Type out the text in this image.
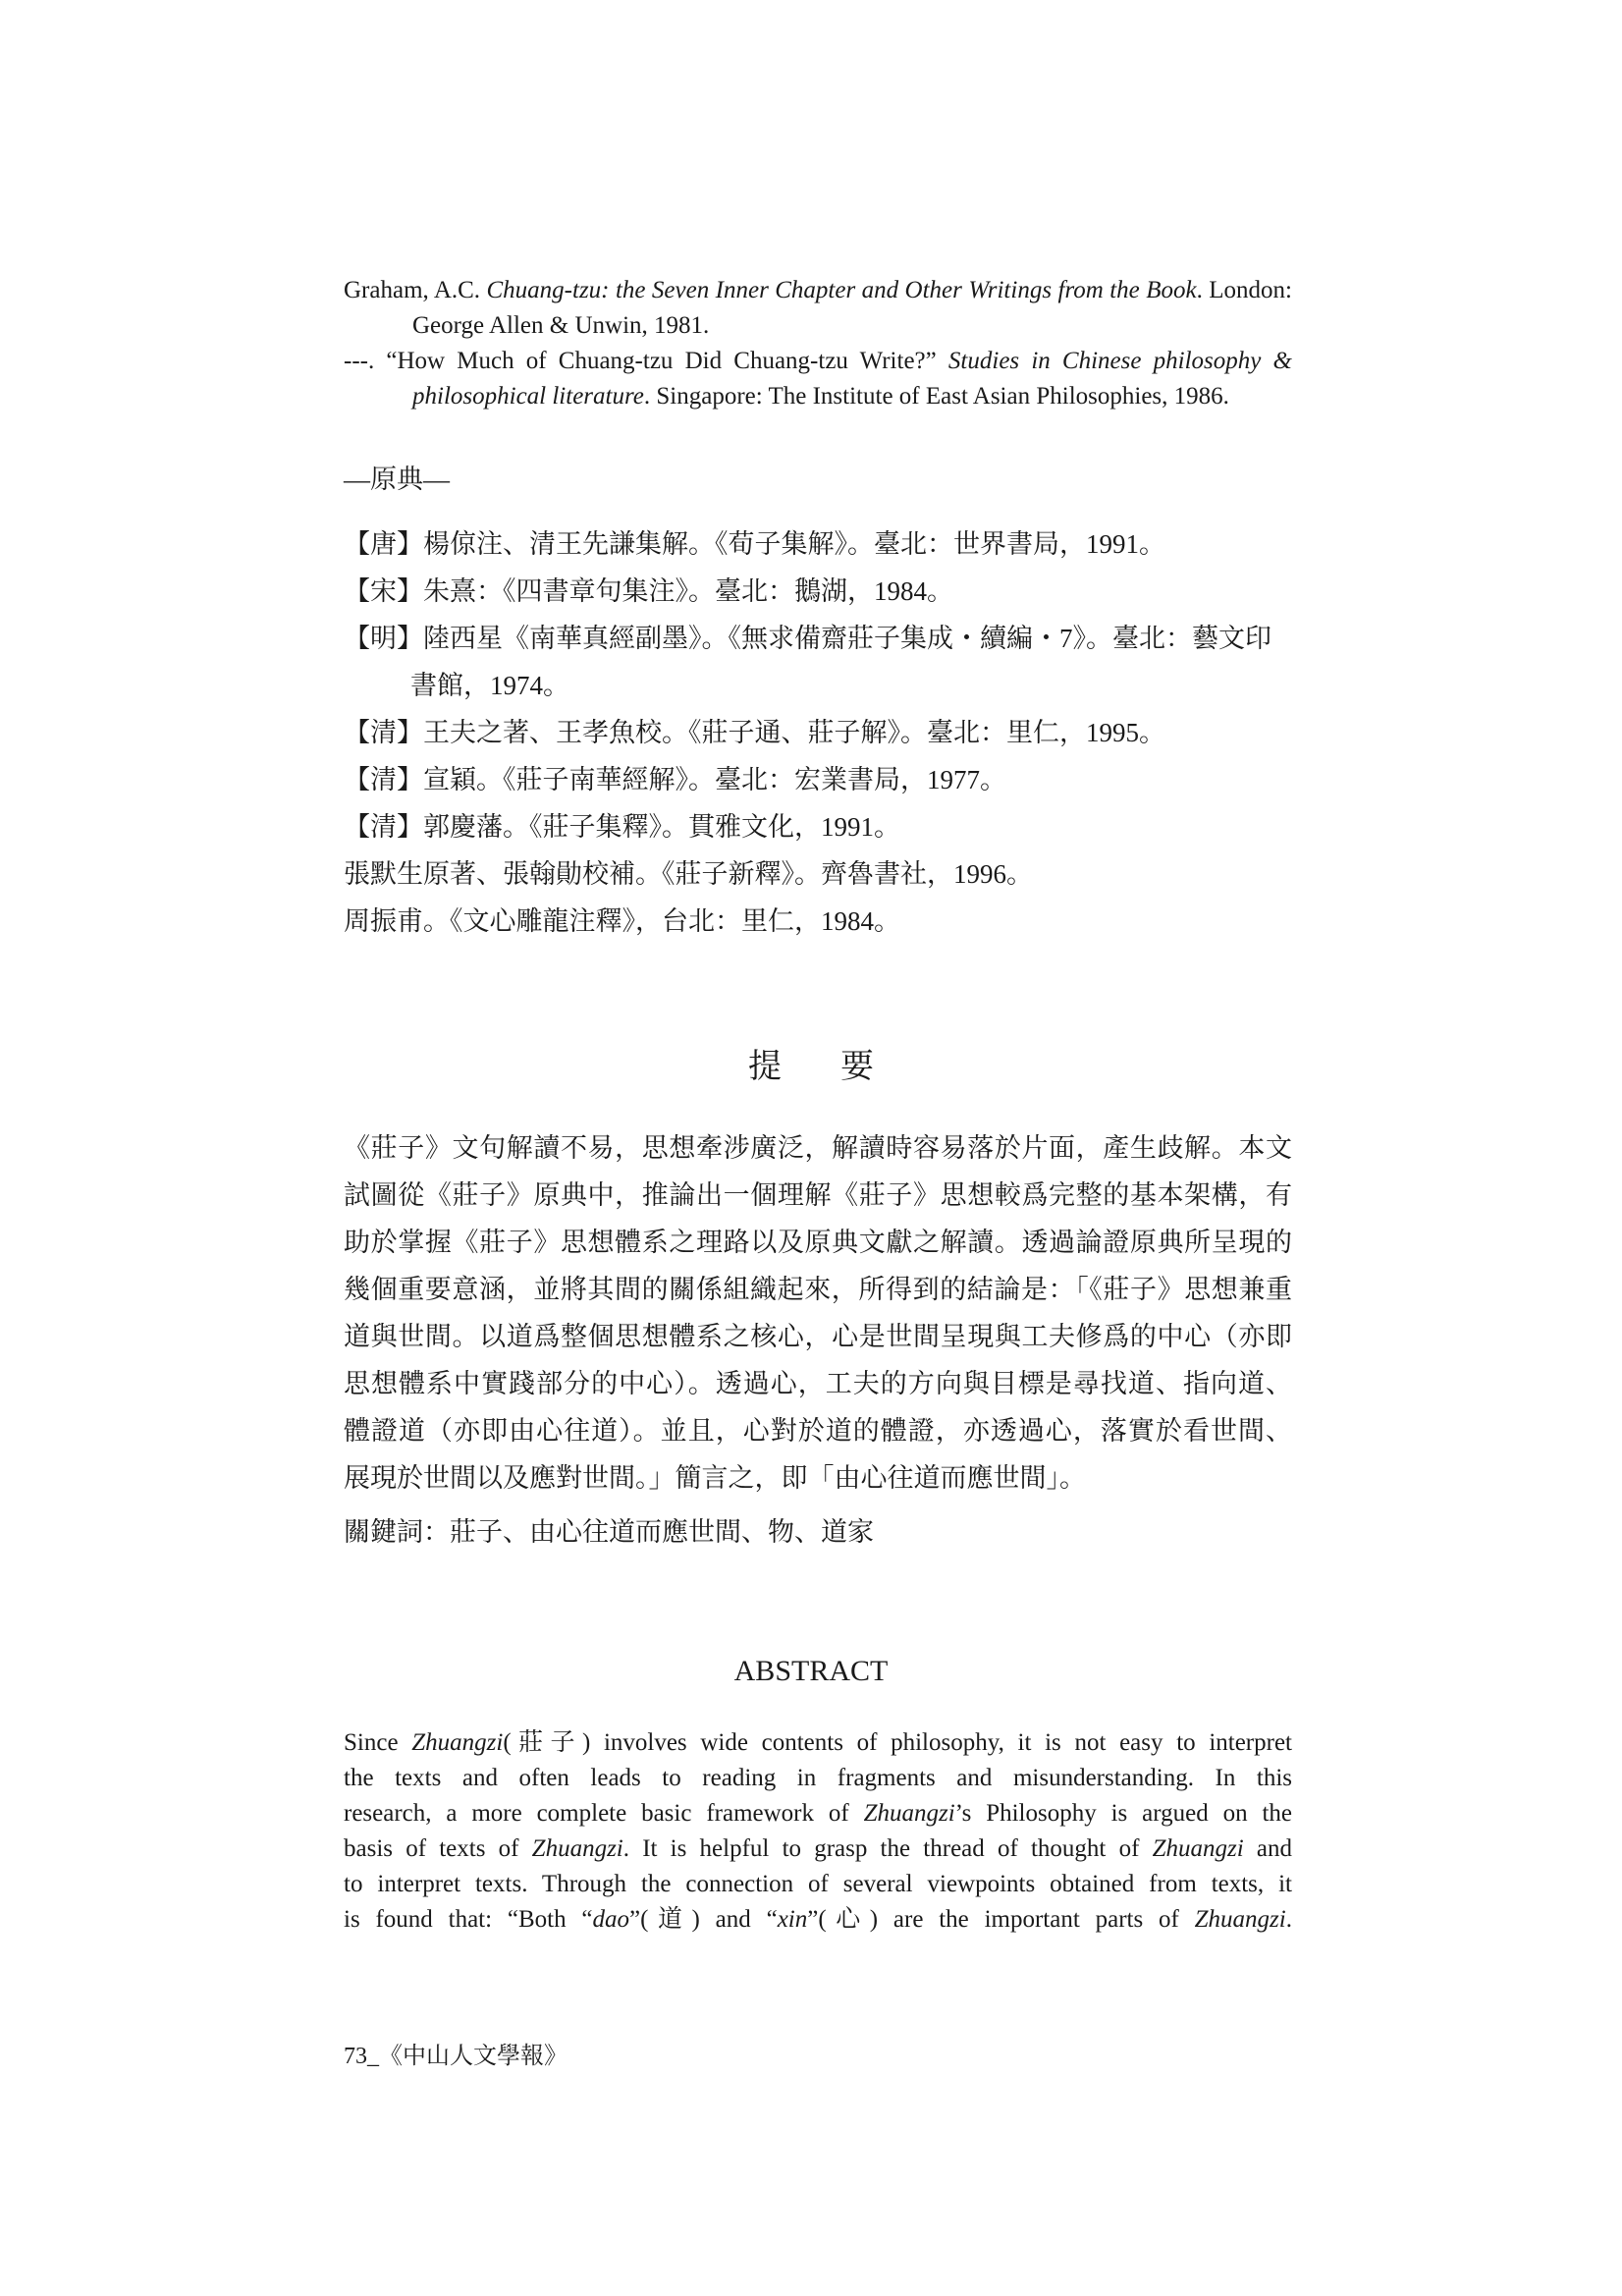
Graham, A.C. Chuang-tzu: the Seven Inner Chapter and Other Writings from the Book. London: George Allen & Unwin, 1981.

---. “How Much of Chuang-tzu Did Chuang-tzu Write?” Studies in Chinese philosophy & philosophical literature. Singapore: The Institute of East Asian Philosophies, 1986.

—原典—

【唐】楊倞注、清王先謙集解。《荀子集解》。臺北：世界書局，1991。

【宋】朱熹：《四書章句集注》。臺北：鵝湖，1984。

【明】陸西星《南華真經副墨》。《無求備齋莊子集成・續編・7》。臺北：藝文印

書館，1974。

【清】王夫之著、王孝魚校。《莊子通、莊子解》。臺北：里仁，1995。

【清】宣穎。《莊子南華經解》。臺北：宏業書局，1977。

【清】郭慶藩。《莊子集釋》。貫雅文化，1991。

張默生原著、張翰勛校補。《莊子新釋》。齊魯書社，1996。

周振甫。《文心雕龍注釋》，台北：里仁，1984。

提要
《莊子》文句解讀不易，思想牽涉廣泛，解讀時容易落於片面，產生歧解。本文
試圖從《莊子》原典中，推論出一個理解《莊子》思想較爲完整的基本架構，有
助於掌握《莊子》思想體系之理路以及原典文獻之解讀。透過論證原典所呈現的
幾個重要意涵，並將其間的關係組織起來，所得到的結論是：「《莊子》思想兼重
道與世間。以道爲整個思想體系之核心，心是世間呈現與工夫修爲的中心（亦即
思想體系中實踐部分的中心）。透過心，工夫的方向與目標是尋找道、指向道、
體證道（亦即由心往道）。並且，心對於道的體證，亦透過心，落實於看世間、
展現於世間以及應對世間。」簡言之，即「由心往道而應世間」。
關鍵詞：莊子、由心往道而應世間、物、道家
ABSTRACT
Since Zhuangzi(莊子) involves wide contents of philosophy, it is not easy to interpret
the texts and often leads to reading in fragments and misunderstanding. In this
research, a more complete basic framework of Zhuangzi’s Philosophy is argued on the
basis of texts of Zhuangzi. It is helpful to grasp the thread of thought of Zhuangzi and
to interpret texts. Through the connection of several viewpoints obtained from texts, it
is found that: “Both “dao”(道) and “xin”(心) are the important parts of Zhuangzi.
73_《中山人文學報》
